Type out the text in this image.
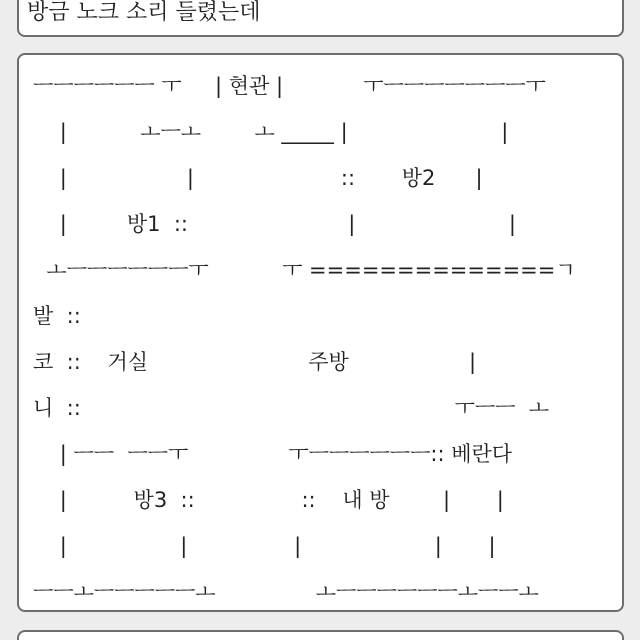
방금 노크 소리 들렸는데
ㅡㅡㅡㅡㅡㅡ ㅜ     | 현관 |            ㅜㅡㅡㅡㅡㅡㅡㅡㅜ
|           ㅗㅡㅗ        ㅗ _____ |                       |
|                  |                      ::       방2      |
|         방1  ::                        |                       |
ㅗㅡㅡㅡㅡㅡㅡㅜ           ㅜ ==============ㄱ
발  ::
코  ::    거실                        주방                  |
니  ::                                                        ㅜㅡㅡ  ㅗ
| ㅡㅡ  ㅡㅡㅜ               ㅜㅡㅡㅡㅡㅡㅡ:: 베란다
|          방3  ::                ::    내 방        |       |
|                 |                |                    |       |
ㅡㅡㅗㅡㅡㅡㅡㅡㅗ               ㅗㅡㅡㅡㅡㅡㅡㅗㅡㅡㅗ
